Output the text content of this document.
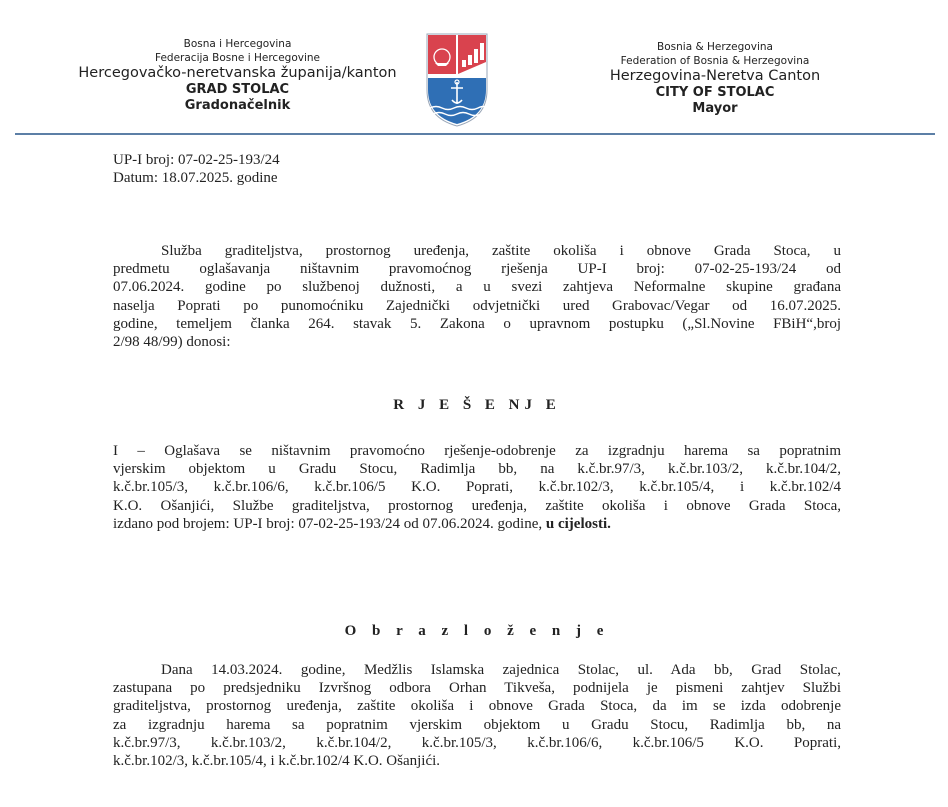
Bosna i Hercegovina
Federacija Bosne i Hercegovine
Hercegovačko-neretvanska županija/kanton
GRAD STOLAC
Gradonačelnik
Bosnia & Herzegovina
Federation of Bosnia & Herzegovina
Herzegovina-Neretva Canton
CITY OF STOLAC
Mayor
UP-I broj: 07-02-25-193/24
Datum: 18.07.2025. godine
Služba graditeljstva, prostornog uređenja, zaštite okoliša i obnove Grada Stoca, u
predmetu oglašavanja ništavnim pravomoćnog rješenja UP-I broj: 07-02-25-193/24 od
07.06.2024. godine po službenoj dužnosti, a u svezi zahtjeva Neformalne skupine građana
naselja Poprati po punomoćniku Zajednički odvjetnički ured Grabovac/Vegar od 16.07.2025.
godine, temeljem članka 264. stavak 5. Zakona o upravnom postupku („Sl.Novine FBiH“,broj
2/98 48/99) donosi:
R J E Š E NJ E
I – Oglašava se ništavnim pravomoćno rješenje-odobrenje za izgradnju harema sa popratnim
vjerskim objektom u Gradu Stocu, Radimlja bb, na k.č.br.97/3, k.č.br.103/2, k.č.br.104/2,
k.č.br.105/3, k.č.br.106/6, k.č.br.106/5 K.O. Poprati, k.č.br.102/3, k.č.br.105/4, i k.č.br.102/4
K.O. Ošanjići, Službe graditeljstva, prostornog uređenja, zaštite okoliša i obnove Grada Stoca,
izdano pod brojem: UP-I broj: 07-02-25-193/24 od 07.06.2024. godine, u cijelosti.
O b r a z l o ž e n j e
Dana 14.03.2024. godine, Medžlis Islamska zajednica Stolac, ul. Ada bb, Grad Stolac,
zastupana po predsjedniku Izvršnog odbora Orhan Tikveša, podnijela je pismeni zahtjev Službi
graditeljstva, prostornog uređenja, zaštite okoliša i obnove Grada Stoca, da im se izda odobrenje
za izgradnju harema sa popratnim vjerskim objektom u Gradu Stocu, Radimlja bb, na
k.č.br.97/3, k.č.br.103/2, k.č.br.104/2, k.č.br.105/3, k.č.br.106/6, k.č.br.106/5 K.O. Poprati,
k.č.br.102/3, k.č.br.105/4, i k.č.br.102/4 K.O. Ošanjići.
